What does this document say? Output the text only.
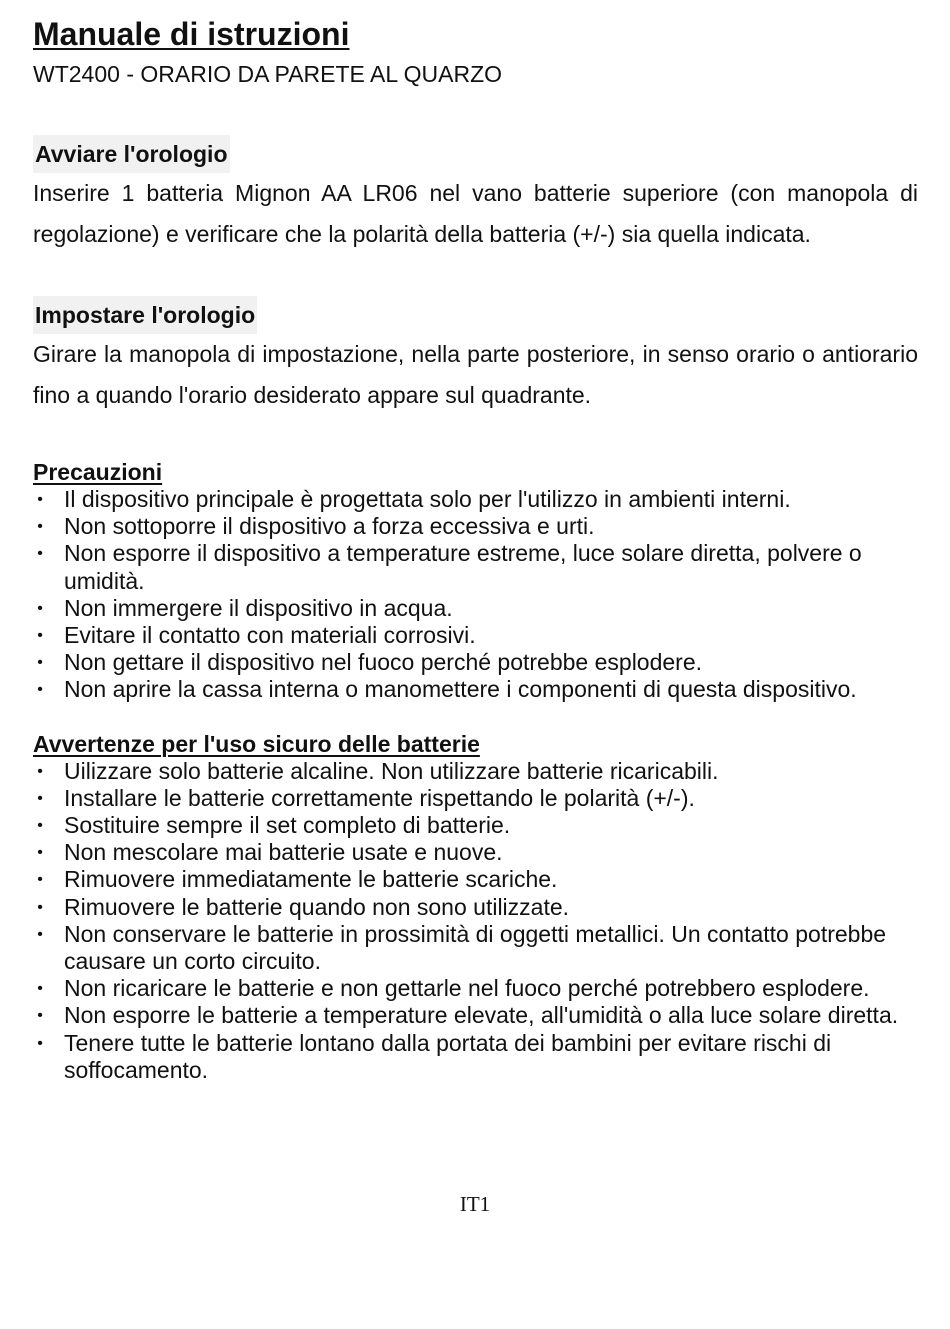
Manuale di istruzioni

WT2400 - ORARIO DA PARETE AL QUARZO

Avviare l'orologio

Inserire 1 batteria Mignon AA LR06 nel vano batterie superiore (con manopola di regolazione) e verificare che la polarità della batteria (+/-) sia quella indicata.

Impostare l'orologio

Girare la manopola di impostazione, nella parte posteriore, in senso orario o antiorario fino a quando l'orario desiderato appare sul quadrante.

Precauzioni
• Il dispositivo principale è progettata solo per l'utilizzo in ambienti interni.
• Non sottoporre il dispositivo a forza eccessiva e urti.
• Non esporre il dispositivo a temperature estreme, luce solare diretta, polvere o umidità.
• Non immergere il dispositivo in acqua.
• Evitare il contatto con materiali corrosivi.
• Non gettare il dispositivo nel fuoco perché potrebbe esplodere.
• Non aprire la cassa interna o manomettere i componenti di questa dispositivo.
Avvertenze per l'uso sicuro delle batterie
• Uilizzare solo batterie alcaline. Non utilizzare batterie ricaricabili.
• Installare le batterie correttamente rispettando le polarità (+/-).
• Sostituire sempre il set completo di batterie.
• Non mescolare mai batterie usate e nuove.
• Rimuovere immediatamente le batterie scariche.
• Rimuovere le batterie quando non sono utilizzate.
• Non conservare le batterie in prossimità di oggetti metallici. Un contatto potrebbe causare un corto circuito.
• Non ricaricare le batterie e non gettarle nel fuoco perché potrebbero esplodere.
• Non esporre le batterie a temperature elevate, all'umidità o alla luce solare diretta.
• Tenere tutte le batterie lontano dalla portata dei bambini per evitare rischi di soffocamento.
IT1
